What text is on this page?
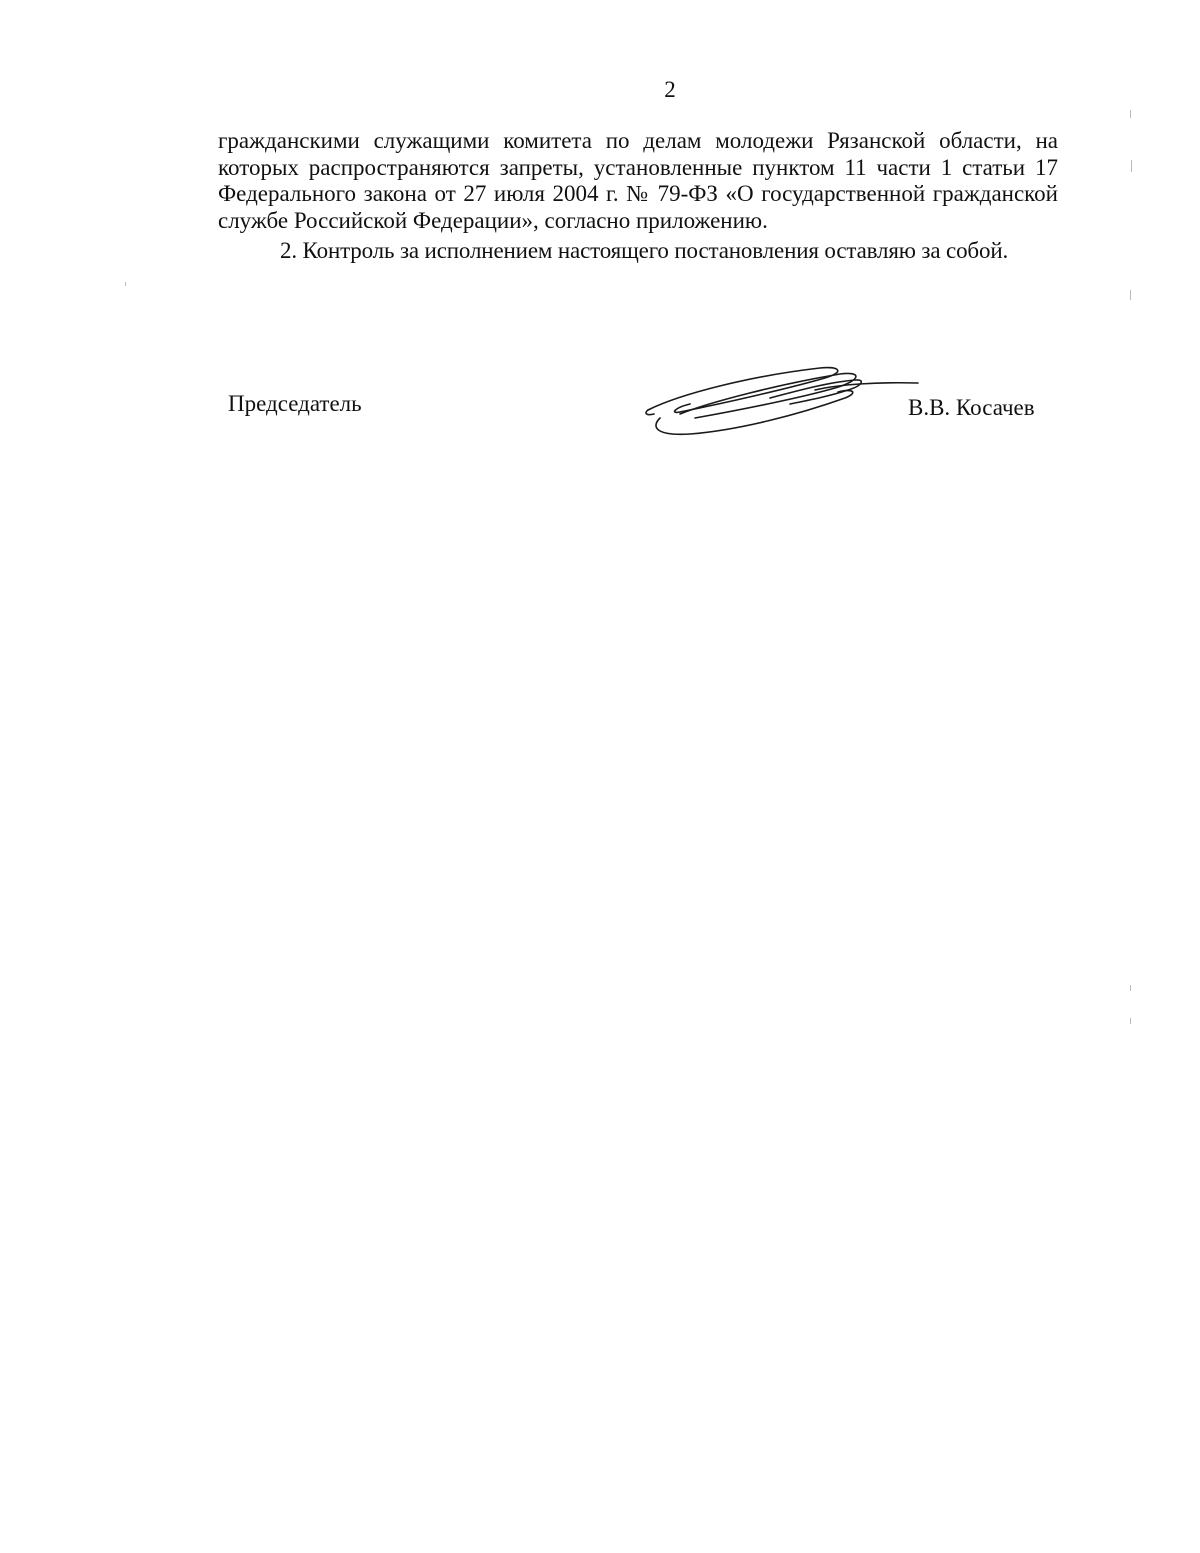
2

гражданскими служащими комитета по делам молодежи Рязанской области, на которых распространяются запреты, установленные пунктом 11 части 1 статьи 17 Федерального закона от 27 июля 2004 г. № 79-ФЗ «О государственной гражданской службе Российской Федерации», согласно приложению.

2. Контроль за исполнением настоящего постановления оставляю за собой.

Председатель	В.В. Косачев
